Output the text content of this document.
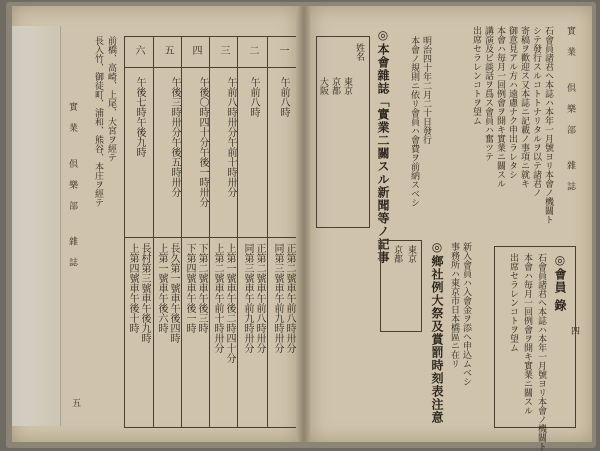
實業 倶樂部 雜誌
五
長入竹、御徒町、浦和、熊谷、本庄ヲ經テ 前橋、高崎、上尾、大宮ヲ經テ 六
午後七時午後九時
長村第三號車午後九時
上第四號車午後十時
五
午後三時卅分午後五時卅分
長久第一號車午後四時
上第一號車午後六時
四
午後〇時四十分午後一時卅分
下第二號車午後三時
下第四號車午後一時
三
午前八時卅分午前十時卅分
上第一號車午後二時四十分
上第二號車午前十時卅分
二
午前八時
正第二號車午前八時卅分
同第三號車午前九時卅分
一
午前八時
正第二號車午前八時卅分
同第三號車午前九時卅分
實業 倶樂部 雜誌
四
石會員諸君ヘ本誌ハ本年一月號ヨリ本會ノ機關ト
シテ發行スルコトトナリタルヲ以テ諸君ノ
寄稿ヲ歡迎ス又本誌ニ記載ノ事項ニ就キ
御意見アル方ハ遠慮ナク申出ラレタシ
本會ハ毎月一回例會ヲ開キ實業ニ關スル
講演及ビ談話ヲ爲ス會員ハ奮ツテ
出席セラレンコトヲ望ム
◎本會雜誌「實業二關スル新聞等ノ記事	明治四十年二月二十日發行
本會ノ規則ニ依リ會員ハ會費ヲ前納スベシ
姓名
東京
京都
大阪
◎鄉社例大祭及賞罰時刻表注意 新入會員ハ入會金ヲ添ヘ申込ムベシ
事務所ハ東京市日本橋區ニ在リ	◎會員 錄
石會員諸君ヘ本誌ハ本年一月號ヨリ本會ノ機關ト
本會ハ毎月一回例會ヲ開キ實業ニ關スル
出席セラレンコトヲ望ム
東京
京都
